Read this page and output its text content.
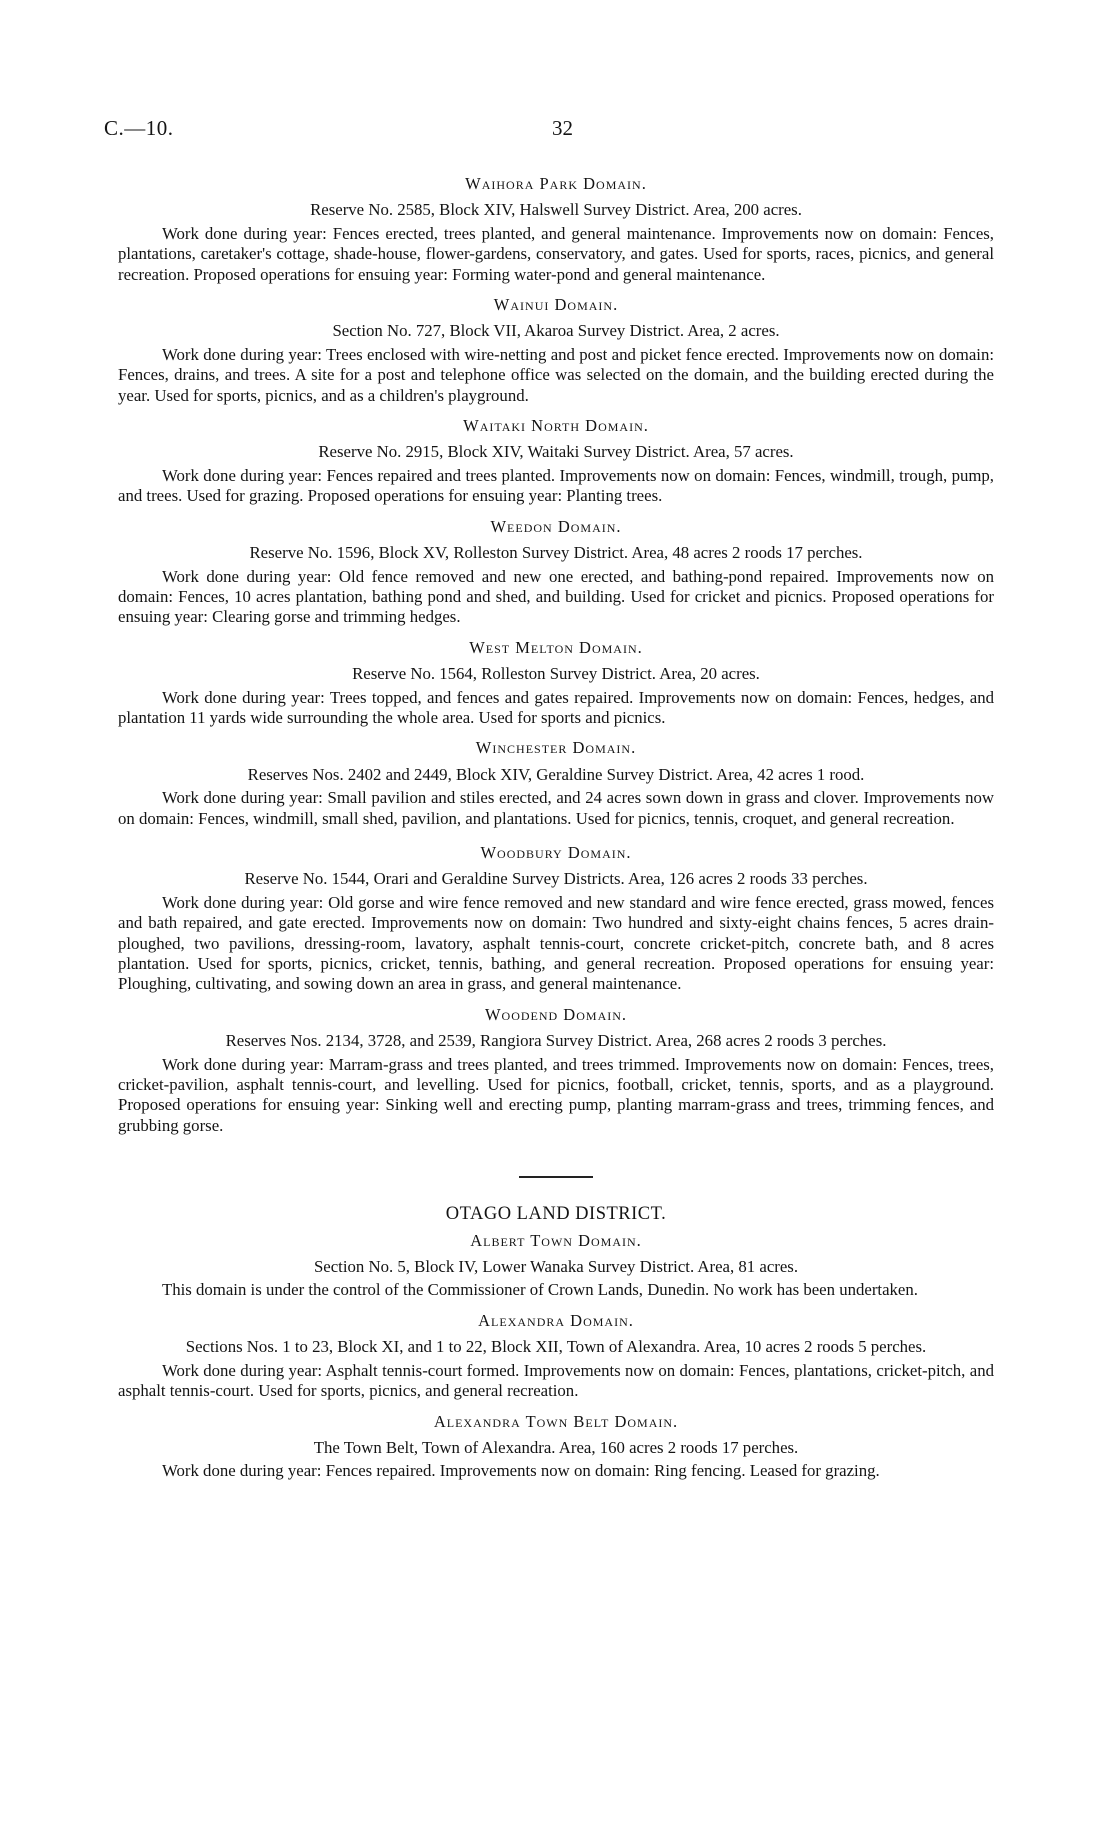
C.—10.	32
Waihora Park Domain.
Reserve No. 2585, Block XIV, Halswell Survey District. Area, 200 acres.

Work done during year: Fences erected, trees planted, and general maintenance. Improvements now on domain: Fences, plantations, caretaker's cottage, shade-house, flower-gardens, conservatory, and gates. Used for sports, races, picnics, and general recreation. Proposed operations for ensuing year: Forming water-pond and general maintenance.

Wainui Domain.
Section No. 727, Block VII, Akaroa Survey District. Area, 2 acres.

Work done during year: Trees enclosed with wire-netting and post and picket fence erected. Improvements now on domain: Fences, drains, and trees. A site for a post and telephone office was selected on the domain, and the building erected during the year. Used for sports, picnics, and as a children's playground.

Waitaki North Domain.
Reserve No. 2915, Block XIV, Waitaki Survey District. Area, 57 acres.

Work done during year: Fences repaired and trees planted. Improvements now on domain: Fences, windmill, trough, pump, and trees. Used for grazing. Proposed operations for ensuing year: Planting trees.

Weedon Domain.
Reserve No. 1596, Block XV, Rolleston Survey District. Area, 48 acres 2 roods 17 perches.

Work done during year: Old fence removed and new one erected, and bathing-pond repaired. Improvements now on domain: Fences, 10 acres plantation, bathing pond and shed, and building. Used for cricket and picnics. Proposed operations for ensuing year: Clearing gorse and trimming hedges.

West Melton Domain.
Reserve No. 1564, Rolleston Survey District. Area, 20 acres.

Work done during year: Trees topped, and fences and gates repaired. Improvements now on domain: Fences, hedges, and plantation 11 yards wide surrounding the whole area. Used for sports and picnics.

Winchester Domain.
Reserves Nos. 2402 and 2449, Block XIV, Geraldine Survey District. Area, 42 acres 1 rood.

Work done during year: Small pavilion and stiles erected, and 24 acres sown down in grass and clover. Improvements now on domain: Fences, windmill, small shed, pavilion, and plantations. Used for picnics, tennis, croquet, and general recreation.

Woodbury Domain.
Reserve No. 1544, Orari and Geraldine Survey Districts. Area, 126 acres 2 roods 33 perches.

Work done during year: Old gorse and wire fence removed and new standard and wire fence erected, grass mowed, fences and bath repaired, and gate erected. Improvements now on domain: Two hundred and sixty-eight chains fences, 5 acres drain-ploughed, two pavilions, dressing-room, lavatory, asphalt tennis-court, concrete cricket-pitch, concrete bath, and 8 acres plantation. Used for sports, picnics, cricket, tennis, bathing, and general recreation. Proposed operations for ensuing year: Ploughing, cultivating, and sowing down an area in grass, and general maintenance.

Woodend Domain.
Reserves Nos. 2134, 3728, and 2539, Rangiora Survey District. Area, 268 acres 2 roods 3 perches.

Work done during year: Marram-grass and trees planted, and trees trimmed. Improvements now on domain: Fences, trees, cricket-pavilion, asphalt tennis-court, and levelling. Used for picnics, football, cricket, tennis, sports, and as a playground. Proposed operations for ensuing year: Sinking well and erecting pump, planting marram-grass and trees, trimming fences, and grubbing gorse.

OTAGO LAND DISTRICT.
Albert Town Domain.
Section No. 5, Block IV, Lower Wanaka Survey District. Area, 81 acres.

This domain is under the control of the Commissioner of Crown Lands, Dunedin. No work has been undertaken.

Alexandra Domain.
Sections Nos. 1 to 23, Block XI, and 1 to 22, Block XII, Town of Alexandra. Area, 10 acres 2 roods 5 perches.

Work done during year: Asphalt tennis-court formed. Improvements now on domain: Fences, plantations, cricket-pitch, and asphalt tennis-court. Used for sports, picnics, and general recreation.

Alexandra Town Belt Domain.
The Town Belt, Town of Alexandra. Area, 160 acres 2 roods 17 perches.

Work done during year: Fences repaired. Improvements now on domain: Ring fencing. Leased for grazing.
